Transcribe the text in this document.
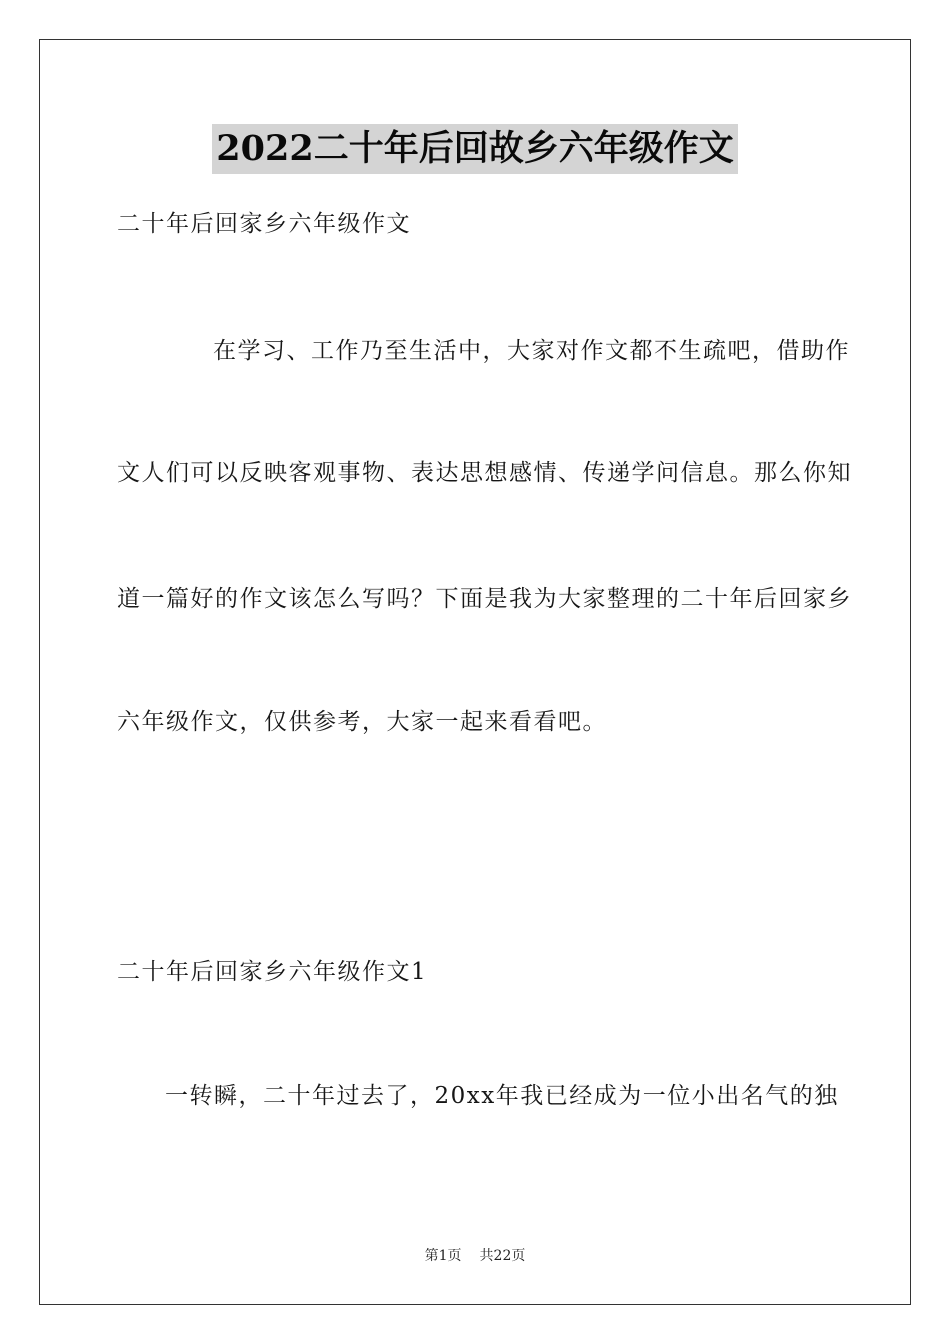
2022二十年后回故乡六年级作文
二十年后回家乡六年级作文
在学习、工作乃至生活中，大家对作文都不生疏吧，借助作
文人们可以反映客观事物、表达思想感情、传递学问信息。那么你知
道一篇好的作文该怎么写吗？下面是我为大家整理的二十年后回家乡
六年级作文，仅供参考，大家一起来看看吧。
二十年后回家乡六年级作文1
一转瞬，二十年过去了，20xx年我已经成为一位小出名气的独
第1页 共22页
